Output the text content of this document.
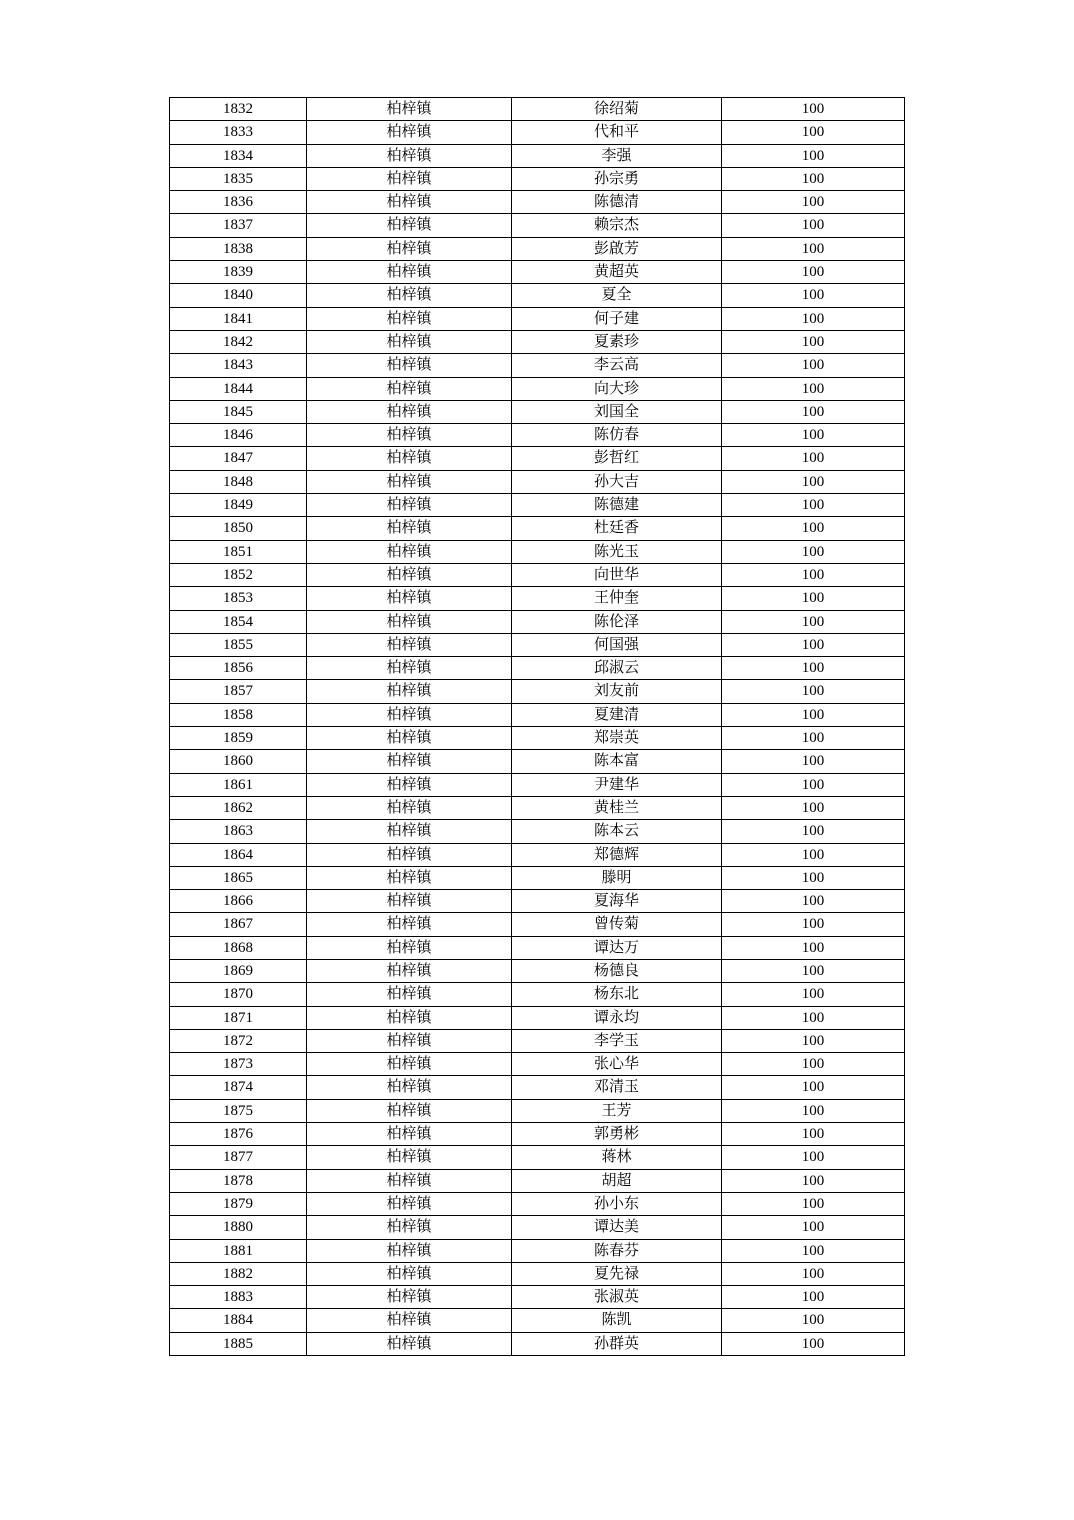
1832	柏梓镇	徐绍菊	100
1833	柏梓镇	代和平	100
1834	柏梓镇	李强	100
1835	柏梓镇	孙宗勇	100
1836	柏梓镇	陈德清	100
1837	柏梓镇	赖宗杰	100
1838	柏梓镇	彭啟芳	100
1839	柏梓镇	黄超英	100
1840	柏梓镇	夏全	100
1841	柏梓镇	何子建	100
1842	柏梓镇	夏素珍	100
1843	柏梓镇	李云高	100
1844	柏梓镇	向大珍	100
1845	柏梓镇	刘国全	100
1846	柏梓镇	陈仿春	100
1847	柏梓镇	彭哲红	100
1848	柏梓镇	孙大吉	100
1849	柏梓镇	陈德建	100
1850	柏梓镇	杜廷香	100
1851	柏梓镇	陈光玉	100
1852	柏梓镇	向世华	100
1853	柏梓镇	王仲奎	100
1854	柏梓镇	陈伦泽	100
1855	柏梓镇	何国强	100
1856	柏梓镇	邱淑云	100
1857	柏梓镇	刘友前	100
1858	柏梓镇	夏建清	100
1859	柏梓镇	郑崇英	100
1860	柏梓镇	陈本富	100
1861	柏梓镇	尹建华	100
1862	柏梓镇	黄桂兰	100
1863	柏梓镇	陈本云	100
1864	柏梓镇	郑德辉	100
1865	柏梓镇	滕明	100
1866	柏梓镇	夏海华	100
1867	柏梓镇	曾传菊	100
1868	柏梓镇	谭达万	100
1869	柏梓镇	杨德良	100
1870	柏梓镇	杨东北	100
1871	柏梓镇	谭永均	100
1872	柏梓镇	李学玉	100
1873	柏梓镇	张心华	100
1874	柏梓镇	邓清玉	100
1875	柏梓镇	王芳	100
1876	柏梓镇	郭勇彬	100
1877	柏梓镇	蒋林	100
1878	柏梓镇	胡超	100
1879	柏梓镇	孙小东	100
1880	柏梓镇	谭达美	100
1881	柏梓镇	陈春芬	100
1882	柏梓镇	夏先禄	100
1883	柏梓镇	张淑英	100
1884	柏梓镇	陈凯	100
1885	柏梓镇	孙群英	100
